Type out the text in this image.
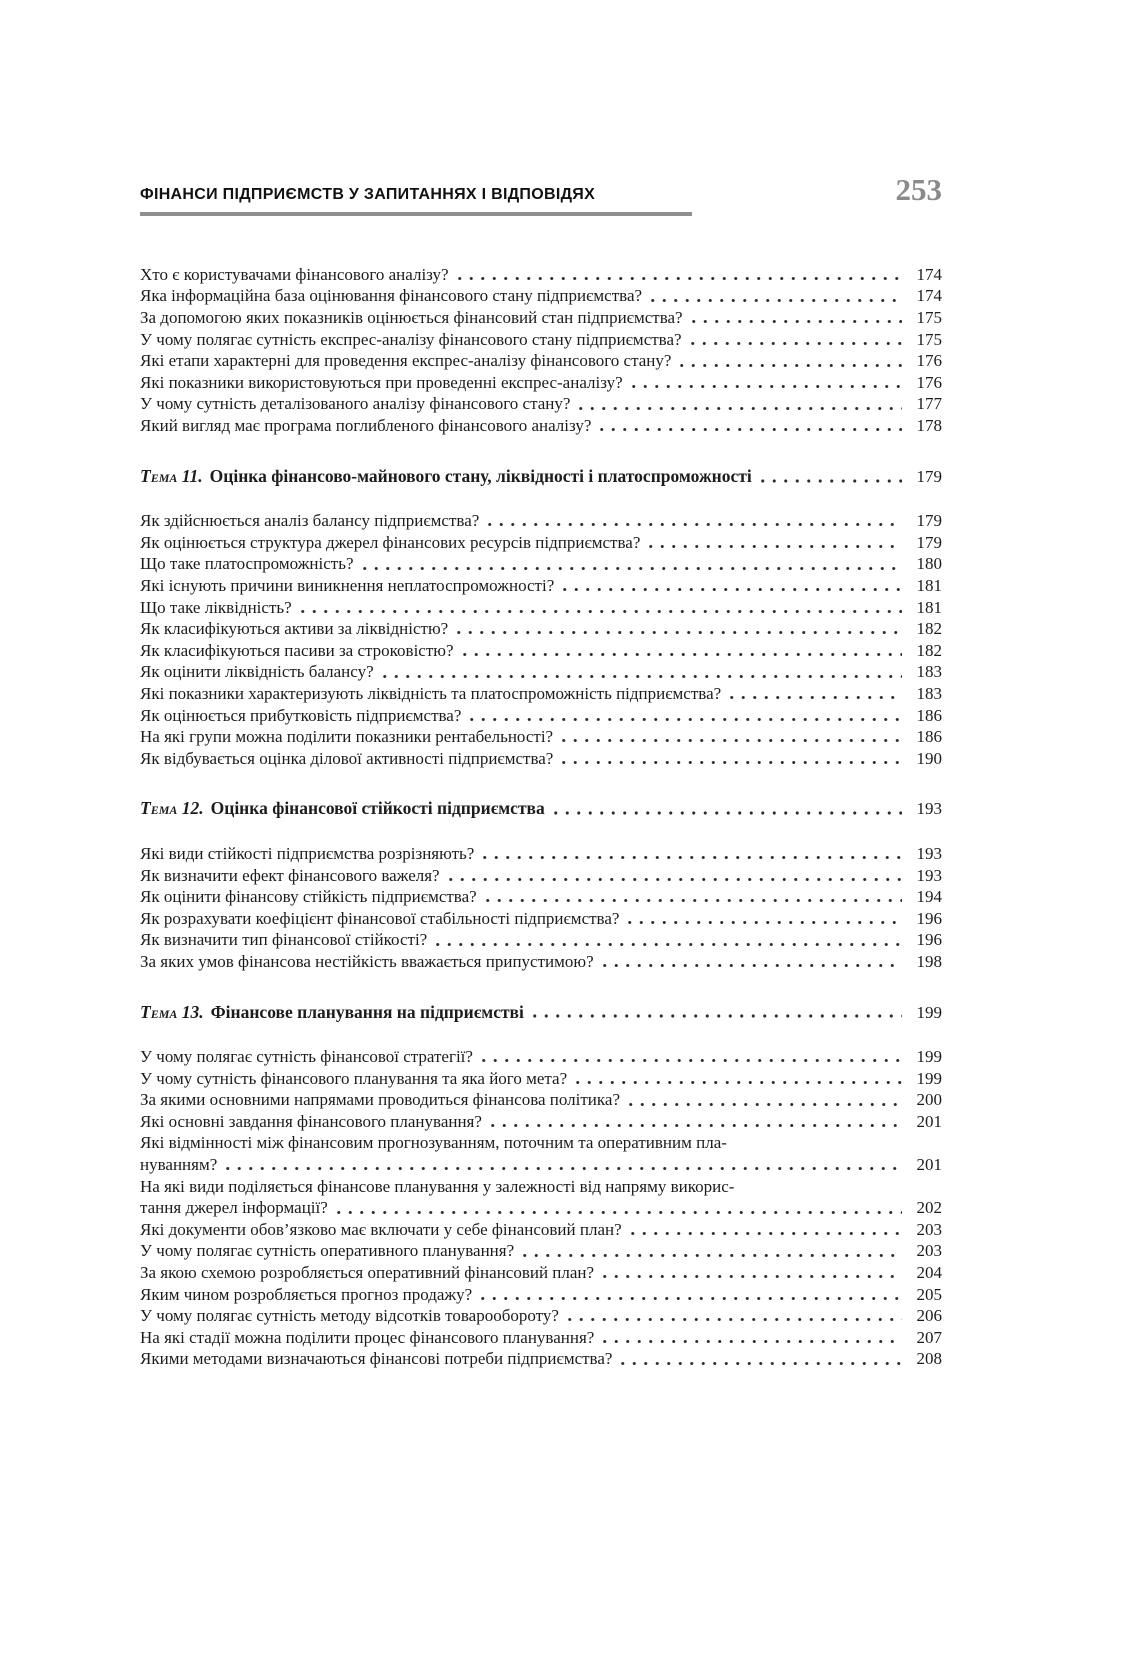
ФІНАНСИ ПІДПРИЄМСТВ У ЗАПИТАННЯХ І ВІДПОВІДЯХ	253
Хто є користувачами фінансового аналізу?	174
Яка інформаційна база оцінювання фінансового стану підприємства?	174
За допомогою яких показників оцінюється фінансовий стан підприємства?	175
У чому полягає сутність експрес-аналізу фінансового стану підприємства?	175
Які етапи характерні для проведення експрес-аналізу фінансового стану?	176
Які показники використовуються при проведенні експрес-аналізу?	176
У чому сутність деталізованого аналізу фінансового стану?	177
Який вигляд має програма поглибленого фінансового аналізу?	178
Тема 11. Оцінка фінансово-майнового стану, ліквідності і платоспроможності	179
Як здійснюється аналіз балансу підприємства?	179
Як оцінюється структура джерел фінансових ресурсів підприємства?	179
Що таке платоспроможність?	180
Які існують причини виникнення неплатоспроможності?	181
Що таке ліквідність?	181
Як класифікуються активи за ліквідністю?	182
Як класифікуються пасиви за строковістю?	182
Як оцінити ліквідність балансу?	183
Які показники характеризують ліквідність та платоспроможність підприємства?	183
Як оцінюється прибутковість підприємства?	186
На які групи можна поділити показники рентабельності?	186
Як відбувається оцінка ділової активності підприємства?	190
Тема 12. Оцінка фінансової стійкості підприємства	193
Які види стійкості підприємства розрізняють?	193
Як визначити ефект фінансового важеля?	193
Як оцінити фінансову стійкість підприємства?	194
Як розрахувати коефіцієнт фінансової стабільності підприємства?	196
Як визначити тип фінансової стійкості?	196
За яких умов фінансова нестійкість вважається припустимою?	198
Тема 13. Фінансове планування на підприємстві	199
У чому полягає сутність фінансової стратегії?	199
У чому сутність фінансового планування та яка його мета?	199
За якими основними напрямами проводиться фінансова політика?	200
Які основні завдання фінансового планування?	201
Які відмінності між фінансовим прогнозуванням, поточним та оперативним пла-
нуванням?	201
На які види поділяється фінансове планування у залежності від напряму викорис-
тання джерел інформації?	202
Які документи обов’язково має включати у себе фінансовий план?	203
У чому полягає сутність оперативного планування?	203
За якою схемою розробляється оперативний фінансовий план?	204
Яким чином розробляється прогноз продажу?	205
У чому полягає сутність методу відсотків товарообороту?	206
На які стадії можна поділити процес фінансового планування?	207
Якими методами визначаються фінансові потреби підприємства?	208
